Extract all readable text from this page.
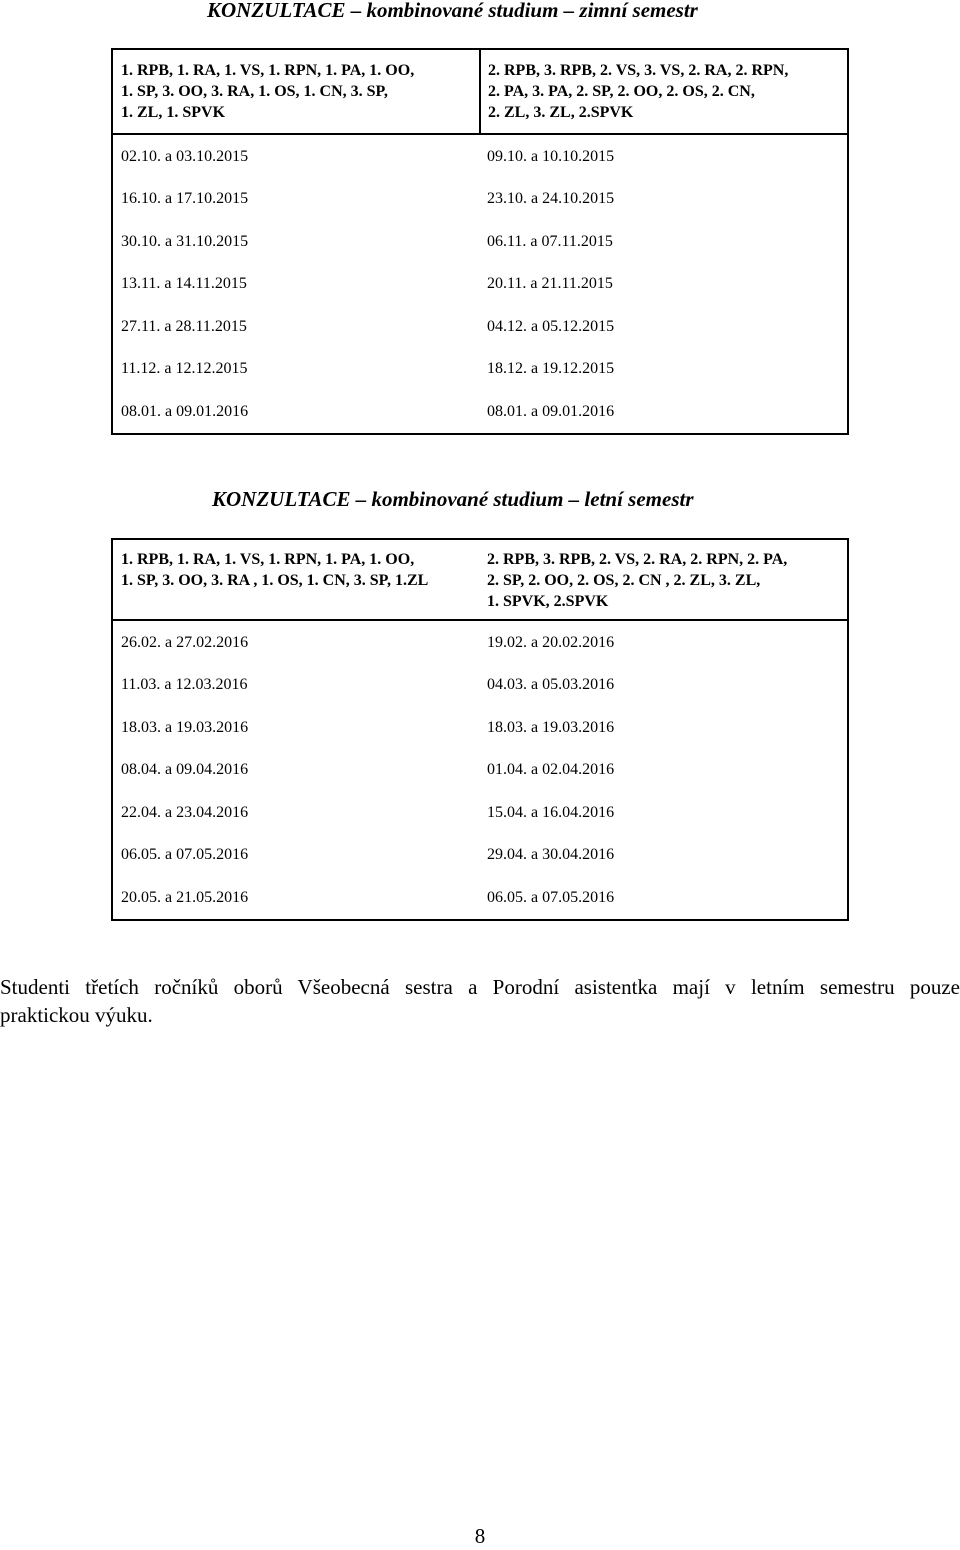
KONZULTACE – kombinované studium – zimní semestr
1. RPB, 1. RA, 1. VS, 1. RPN, 1. PA, 1. OO,
1. SP, 3. OO, 3. RA, 1. OS, 1. CN, 3. SP,
1. ZL, 1. SPVK	2. RPB, 3. RPB, 2. VS, 3. VS, 2. RA, 2. RPN,
2. PA, 3. PA, 2. SP, 2. OO, 2. OS, 2. CN,
2. ZL, 3. ZL, 2.SPVK
02.10. a 03.10.2015	09.10. a 10.10.2015
16.10. a 17.10.2015	23.10. a 24.10.2015
30.10. a 31.10.2015	06.11. a 07.11.2015
13.11. a 14.11.2015	20.11. a 21.11.2015
27.11. a 28.11.2015	04.12. a 05.12.2015
11.12. a 12.12.2015	18.12. a 19.12.2015
08.01. a 09.01.2016	08.01. a 09.01.2016
KONZULTACE – kombinované studium – letní semestr
1. RPB, 1. RA, 1. VS, 1. RPN, 1. PA, 1. OO,
1. SP, 3. OO, 3. RA , 1. OS, 1. CN, 3. SP, 1.ZL	2. RPB, 3. RPB, 2. VS, 2. RA, 2. RPN, 2. PA,
2. SP, 2. OO, 2. OS, 2. CN , 2. ZL, 3. ZL,
1. SPVK, 2.SPVK
26.02. a 27.02.2016	19.02. a 20.02.2016
11.03. a 12.03.2016	04.03. a 05.03.2016
18.03. a 19.03.2016	18.03. a 19.03.2016
08.04. a 09.04.2016	01.04. a 02.04.2016
22.04. a 23.04.2016	15.04. a 16.04.2016
06.05. a 07.05.2016	29.04. a 30.04.2016
20.05. a 21.05.2016	06.05. a 07.05.2016

Studenti třetích ročníků oborů Všeobecná sestra a Porodní asistentka mají v letním semestru pouze
praktickou výuku.

8
